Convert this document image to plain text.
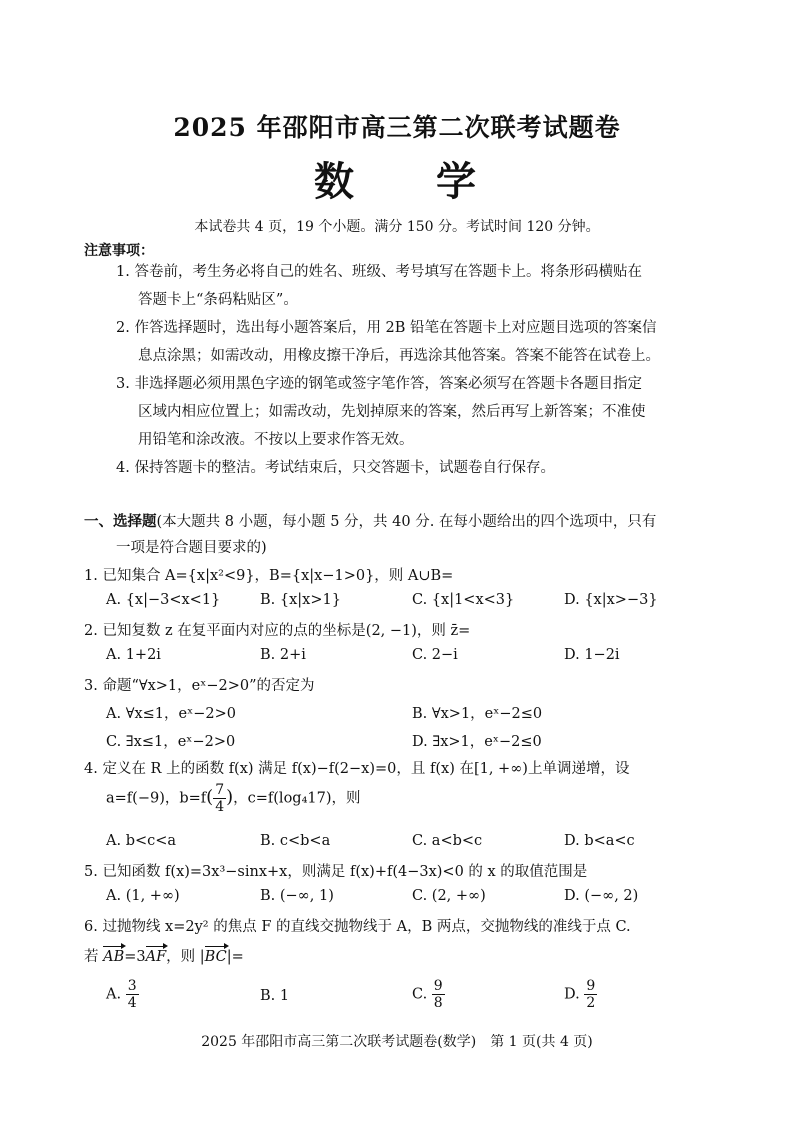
2025 年邵阳市高三第二次联考试题卷
数 学
本试卷共 4 页，19 个小题。满分 150 分。考试时间 120 分钟。
注意事项：
1. 答卷前，考生务必将自己的姓名、班级、考号填写在答题卡上。将条形码横贴在
答题卡上“条码粘贴区”。
2. 作答选择题时，选出每小题答案后，用 2B 铅笔在答题卡上对应题目选项的答案信
息点涂黑；如需改动，用橡皮擦干净后，再选涂其他答案。答案不能答在试卷上。
3. 非选择题必须用黑色字迹的钢笔或签字笔作答，答案必须写在答题卡各题目指定
区域内相应位置上；如需改动，先划掉原来的答案，然后再写上新答案；不准使
用铅笔和涂改液。不按以上要求作答无效。
4. 保持答题卡的整洁。考试结束后，只交答题卡，试题卷自行保存。
一、选择题(本大题共 8 小题，每小题 5 分，共 40 分. 在每小题给出的四个选项中，只有
一项是符合题目要求的)
1. 已知集合 A={x|x²<9}，B={x|x−1>0}，则 A∪B=
A. {x|−3<x<1}	B. {x|x>1}	C. {x|1<x<3}	D. {x|x>−3}
2. 已知复数 z 在复平面内对应的点的坐标是(2, −1)，则 z̄=
A. 1+2i	B. 2+i	C. 2−i	D. 1−2i
3. 命题“∀x>1，eˣ−2>0”的否定为
A. ∀x≤1，eˣ−2>0	B. ∀x>1，eˣ−2≤0
C. ∃x≤1，eˣ−2>0	D. ∃x>1，eˣ−2≤0
4. 定义在 R 上的函数 f(x) 满足 f(x)−f(2−x)=0，且 f(x) 在[1, +∞)上单调递增，设
a=f(−9)，$b=f( \frac{7}{4}$ )，c=f(log₄17)，则
A. b<c<a	B. c<b<a	C. a<b<c	D. b<a<c
5. 已知函数 f(x)=3x³−sinx+x，则满足 f(x)+f(4−3x)<0 的 x 的取值范围是
A. (1, +∞)	B. (−∞, 1)	C. (2, +∞)	D. (−∞, 2)
6. 过抛物线 x=2y² 的焦点 F 的直线交抛物线于 A，B 两点，交抛物线的准线于点 C.
若 AB=3AF，则 |BC|=
A. $\frac{3}{4}$	B. 1	C. $\frac{9}{8}$	D. $\frac{9}{2}$
2025 年邵阳市高三第二次联考试题卷(数学)　第 1 页(共 4 页)
